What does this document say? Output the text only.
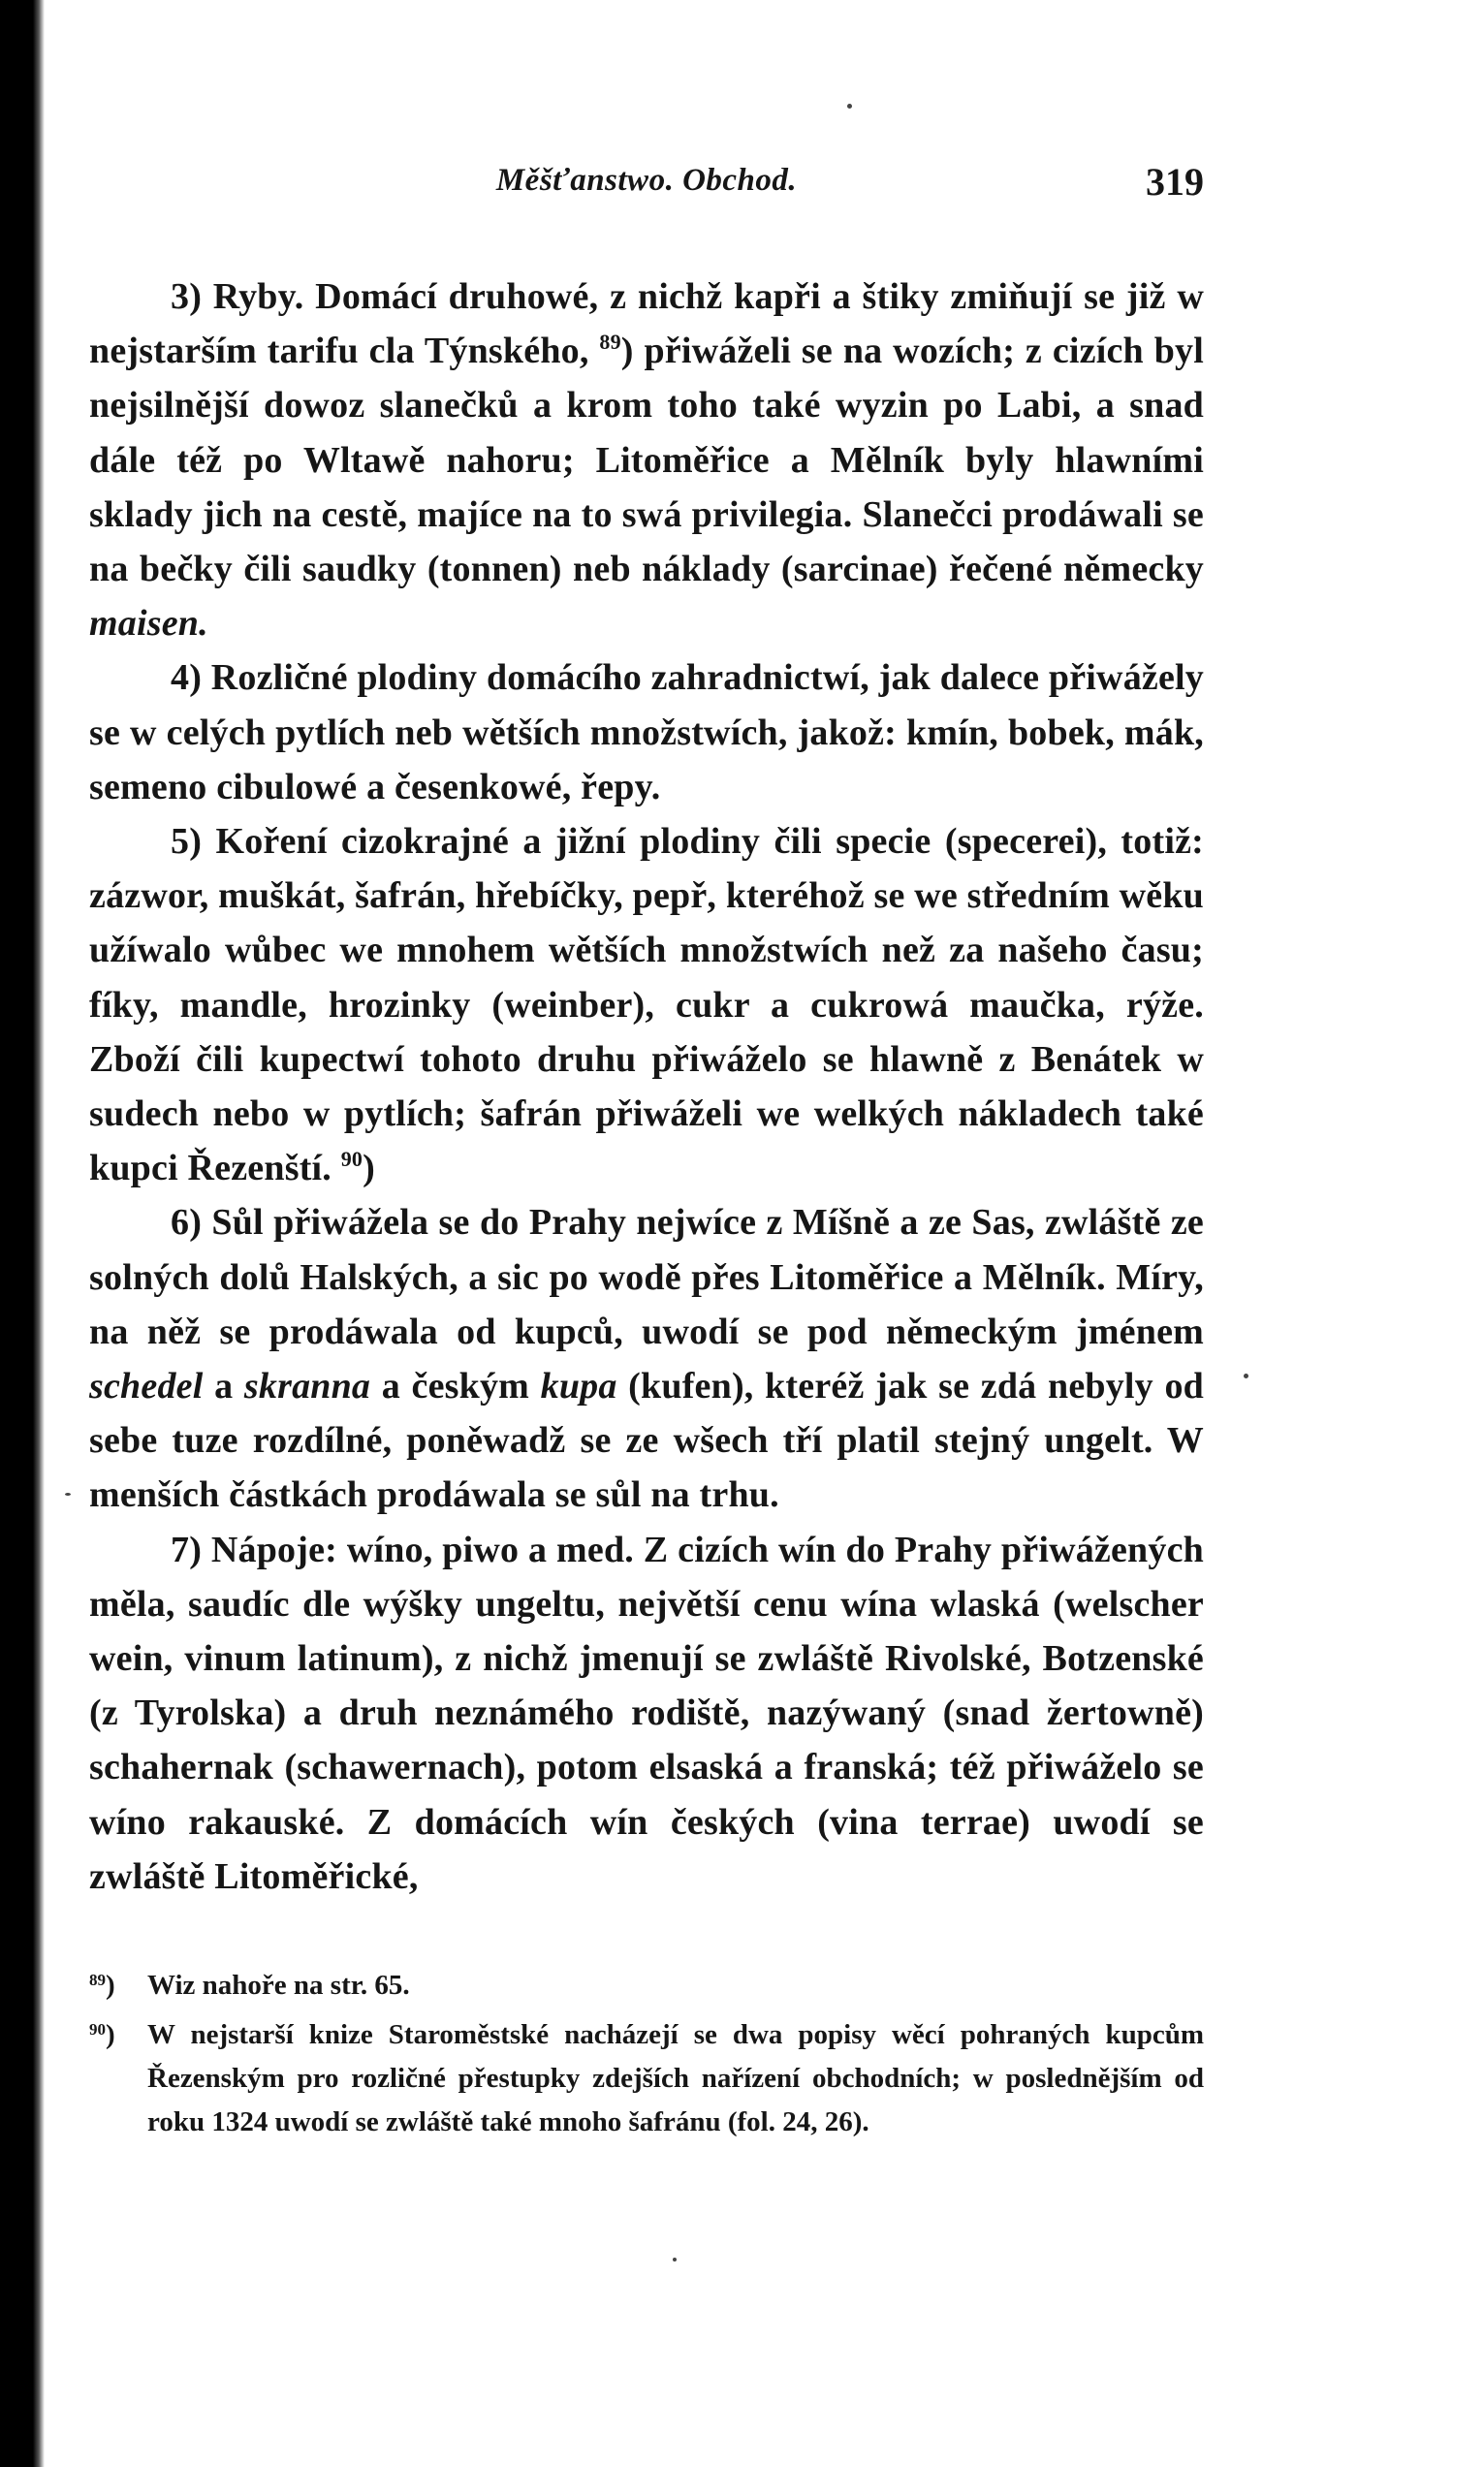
Měšťanstwo. Obchod.	319

3) Ryby. Domácí druhowé, z nichž kapři a štiky zmiňují se již w nejstarším tarifu cla Týnského, $^{89}$) přiwáželi se na wozích; z cizích byl nejsilnější dowoz slanečků a krom toho také wyzin po Labi, a snad dále též po Wltawě nahoru; Litoměřice a Mělník byly hlawními sklady jich na cestě, majíce na to swá privilegia. Slanečci prodáwali se na bečky čili saudky (tonnen) neb náklady (sarcinae) řečené německy maisen.

4) Rozličné plodiny domácího zahradnictwí, jak dalece přiwážely se w celých pytlích neb wětších množstwích, jakož: kmín, bobek, mák, semeno cibulowé a česenkowé, řepy.

5) Koření cizokrajné a jižní plodiny čili specie (specerei), totiž: zázwor, muškát, šafrán, hřebíčky, pepř, kteréhož se we středním wěku užíwalo wůbec we mnohem wětších množstwích než za našeho času; fíky, mandle, hrozinky (weinber), cukr a cukrowá maučka, rýže. Zboží čili kupectwí tohoto druhu přiwáželo se hlawně z Benátek w sudech nebo w pytlích; šafrán přiwáželi we welkých nákladech také kupci Řezenští. $^{90}$)

6) Sůl přiwážela se do Prahy nejwíce z Míšně a ze Sas, zwláště ze solných dolů Halských, a sic po wodě přes Litoměřice a Mělník. Míry, na něž se prodáwala od kupců, uwodí se pod německým jménem schedel a skranna a českým kupa (kufen), kteréž jak se zdá nebyly od sebe tuze rozdílné, poněwadž se ze wšech tří platil stejný ungelt. W menších částkách prodáwala se sůl na trhu.

7) Nápoje: wíno, piwo a med. Z cizích wín do Prahy přiwážených měla, saudíc dle wýšky ungeltu, největší cenu wína wlaská (welscher wein, vinum latinum), z nichž jmenují se zwláště Rivolské, Botzenské (z Tyrolska) a druh neznámého rodiště, nazýwaný (snad žertowně) schahernak (schawernach), potom elsaská a franská; též přiwáželo se wíno rakauské. Z domácích wín českých (vina terrae) uwodí se zwláště Litoměřické,

$^{89}$) Wiz nahoře na str. 65.

$^{90}$) W nejstarší knize Staroměstské nacházejí se dwa popisy wěcí pohraných kupcům Řezenským pro rozličné přestupky zdejších nařízení obchodních; w poslednějším od roku 1324 uwodí se zwláště také mnoho šafránu (fol. 24, 26).
